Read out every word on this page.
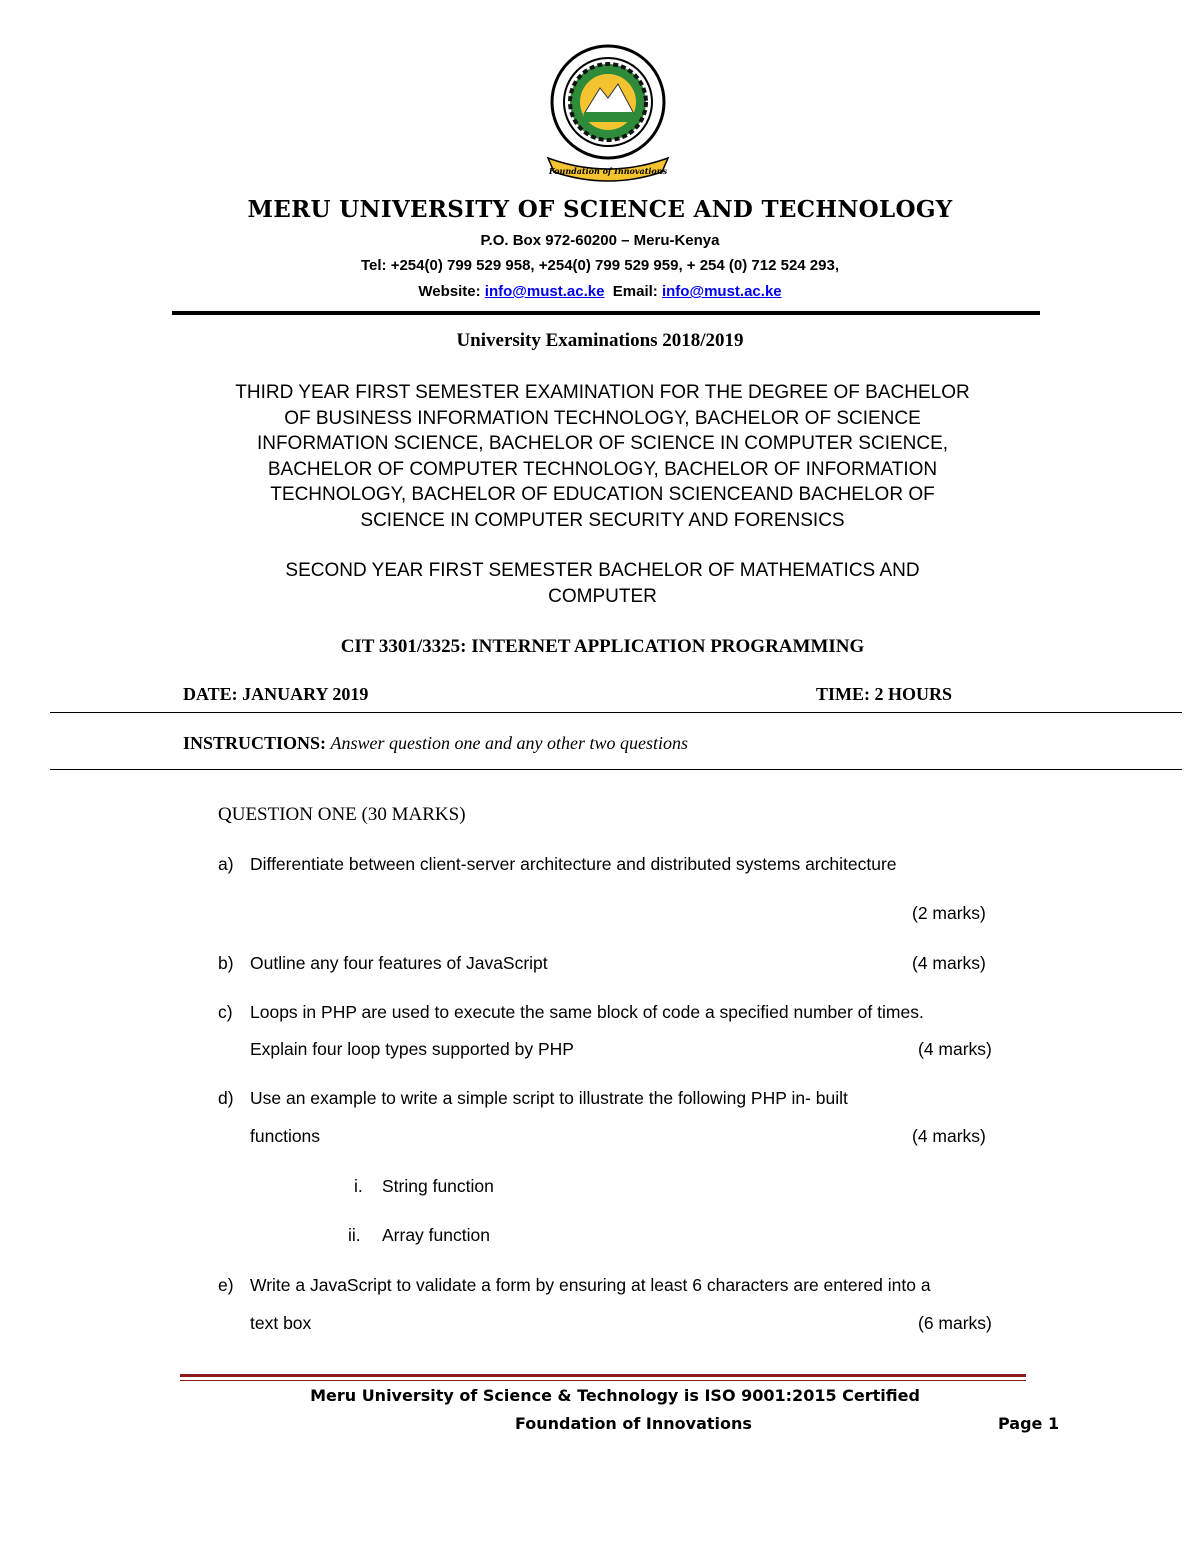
Foundation of Innovations
MERU UNIVERSITY OF SCIENCE AND TECHNOLOGY
P.O. Box 972-60200 – Meru-Kenya
Tel: +254(0) 799 529 958, +254(0) 799 529 959, + 254 (0) 712 524 293,
Website: info@must.ac.ke Email: info@must.ac.ke
University Examinations 2018/2019
THIRD YEAR FIRST SEMESTER EXAMINATION FOR THE DEGREE OF BACHELOR
OF BUSINESS INFORMATION TECHNOLOGY, BACHELOR OF SCIENCE
INFORMATION SCIENCE, BACHELOR OF SCIENCE IN COMPUTER SCIENCE,
BACHELOR OF COMPUTER TECHNOLOGY, BACHELOR OF INFORMATION
TECHNOLOGY, BACHELOR OF EDUCATION SCIENCEAND BACHELOR OF
SCIENCE IN COMPUTER SECURITY AND FORENSICS
SECOND YEAR FIRST SEMESTER BACHELOR OF MATHEMATICS AND
COMPUTER
CIT 3301/3325: INTERNET APPLICATION PROGRAMMING
DATE: JANUARY 2019	TIME: 2 HOURS
INSTRUCTIONS: Answer question one and any other two questions
QUESTION ONE (30 MARKS)
a) Differentiate between client-server architecture and distributed systems architecture
(2 marks)
b) Outline any four features of JavaScript	(4 marks)
c) Loops in PHP are used to execute the same block of code a specified number of times.
Explain four loop types supported by PHP	(4 marks)
d) Use an example to write a simple script to illustrate the following PHP in- built
functions	(4 marks)
i. String function
ii. Array function
e) Write a JavaScript to validate a form by ensuring at least 6 characters are entered into a
text box	(6 marks)
Meru University of Science & Technology is ISO 9001:2015 Certified
Foundation of Innovations	Page 1
